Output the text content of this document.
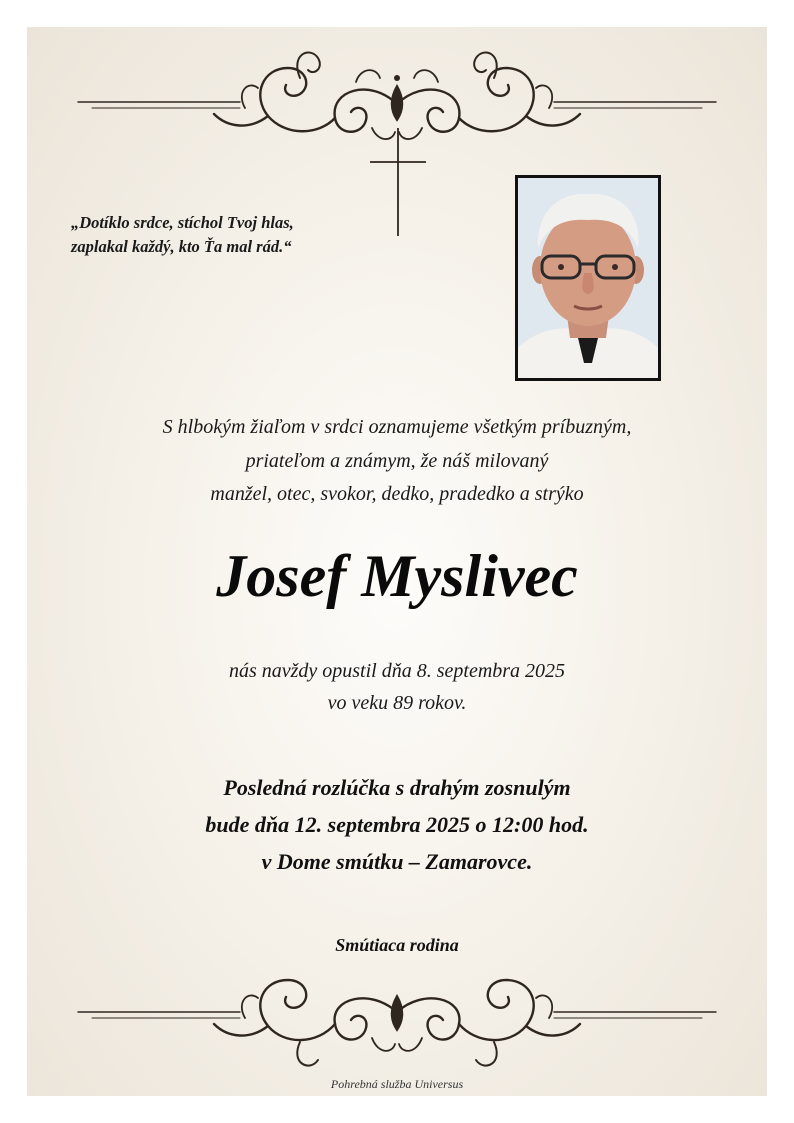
„Dotíklo srdce, stíchol Tvoj hlas,
zaplakal každý, kto Ťa mal rád.“
S hlbokým žiaľom v srdci oznamujeme všetkým príbuzným,
priateľom a známym, že náš milovaný
manžel, otec, svokor, dedko, pradedko a strýko
Josef Myslivec
nás navždy opustil dňa 8. septembra 2025
vo veku 89 rokov.
Posledná rozlúčka s drahým zosnulým
bude dňa 12. septembra 2025 o 12:00 hod.
v Dome smútku – Zamarovce.
Smútiaca rodina
Pohrebná služba Universus
